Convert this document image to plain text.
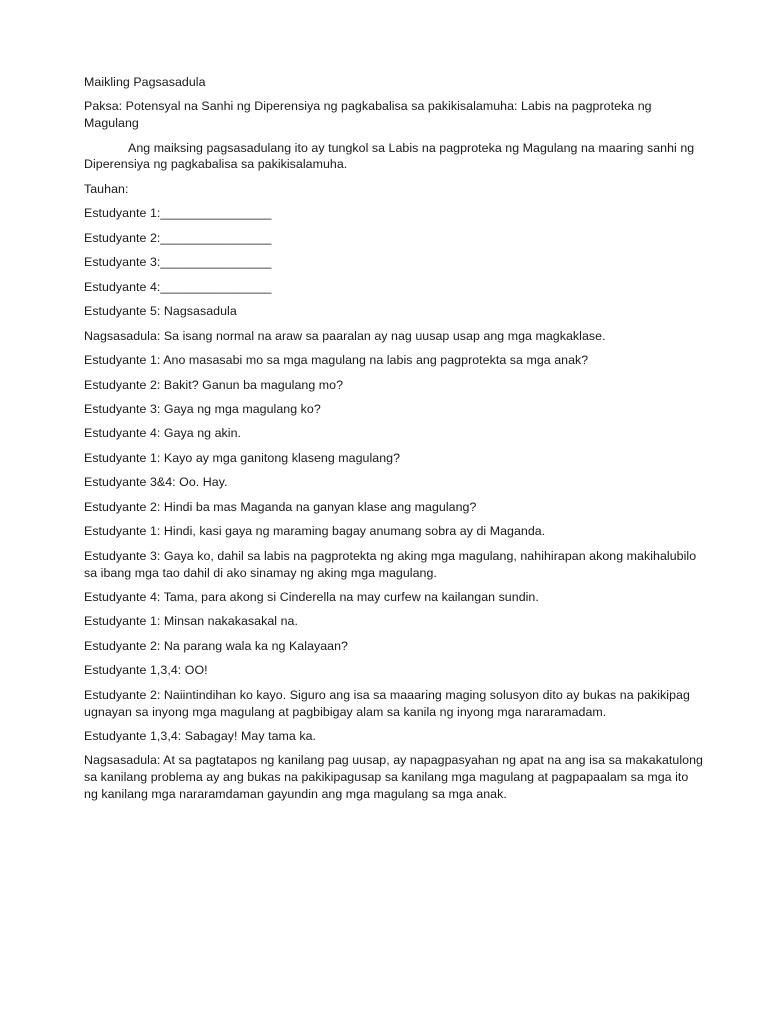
Maikling Pagsasadula

Paksa: Potensyal na Sanhi ng Diperensiya ng pagkabalisa sa pakikisalamuha: Labis na pagproteka ng Magulang

Ang maiksing pagsasadulang ito ay tungkol sa Labis na pagproteka ng Magulang na maaring sanhi ng Diperensiya ng pagkabalisa sa pakikisalamuha.

Tauhan:

Estudyante 1:________________

Estudyante 2:________________

Estudyante 3:________________

Estudyante 4:________________

Estudyante 5: Nagsasadula

Nagsasadula: Sa isang normal na araw sa paaralan ay nag uusap usap ang mga magkaklase.

Estudyante 1: Ano masasabi mo sa mga magulang na labis ang pagprotekta sa mga anak?

Estudyante 2: Bakit? Ganun ba magulang mo?

Estudyante 3: Gaya ng mga magulang ko?

Estudyante 4: Gaya ng akin.

Estudyante 1: Kayo ay mga ganitong klaseng magulang?

Estudyante 3&4: Oo. Hay.

Estudyante 2: Hindi ba mas Maganda na ganyan klase ang magulang?

Estudyante 1: Hindi, kasi gaya ng maraming bagay anumang sobra ay di Maganda.

Estudyante 3: Gaya ko, dahil sa labis na pagprotekta ng aking mga magulang, nahihirapan akong makihalubilo sa ibang mga tao dahil di ako sinamay ng aking mga magulang.

Estudyante 4: Tama, para akong si Cinderella na may curfew na kailangan sundin.

Estudyante 1: Minsan nakakasakal na.

Estudyante 2: Na parang wala ka ng Kalayaan?

Estudyante 1,3,4: OO!

Estudyante 2: Naiintindihan ko kayo. Siguro ang isa sa maaaring maging solusyon dito ay bukas na pakikipag ugnayan sa inyong mga magulang at pagbibigay alam sa kanila ng inyong mga nararamadam.

Estudyante 1,3,4: Sabagay! May tama ka.

Nagsasadula: At sa pagtatapos ng kanilang pag uusap, ay napagpasyahan ng apat na ang isa sa makakatulong sa kanilang problema ay ang bukas na pakikipagusap sa kanilang mga magulang at pagpapaalam sa mga ito ng kanilang mga nararamdaman gayundin ang mga magulang sa mga anak.
